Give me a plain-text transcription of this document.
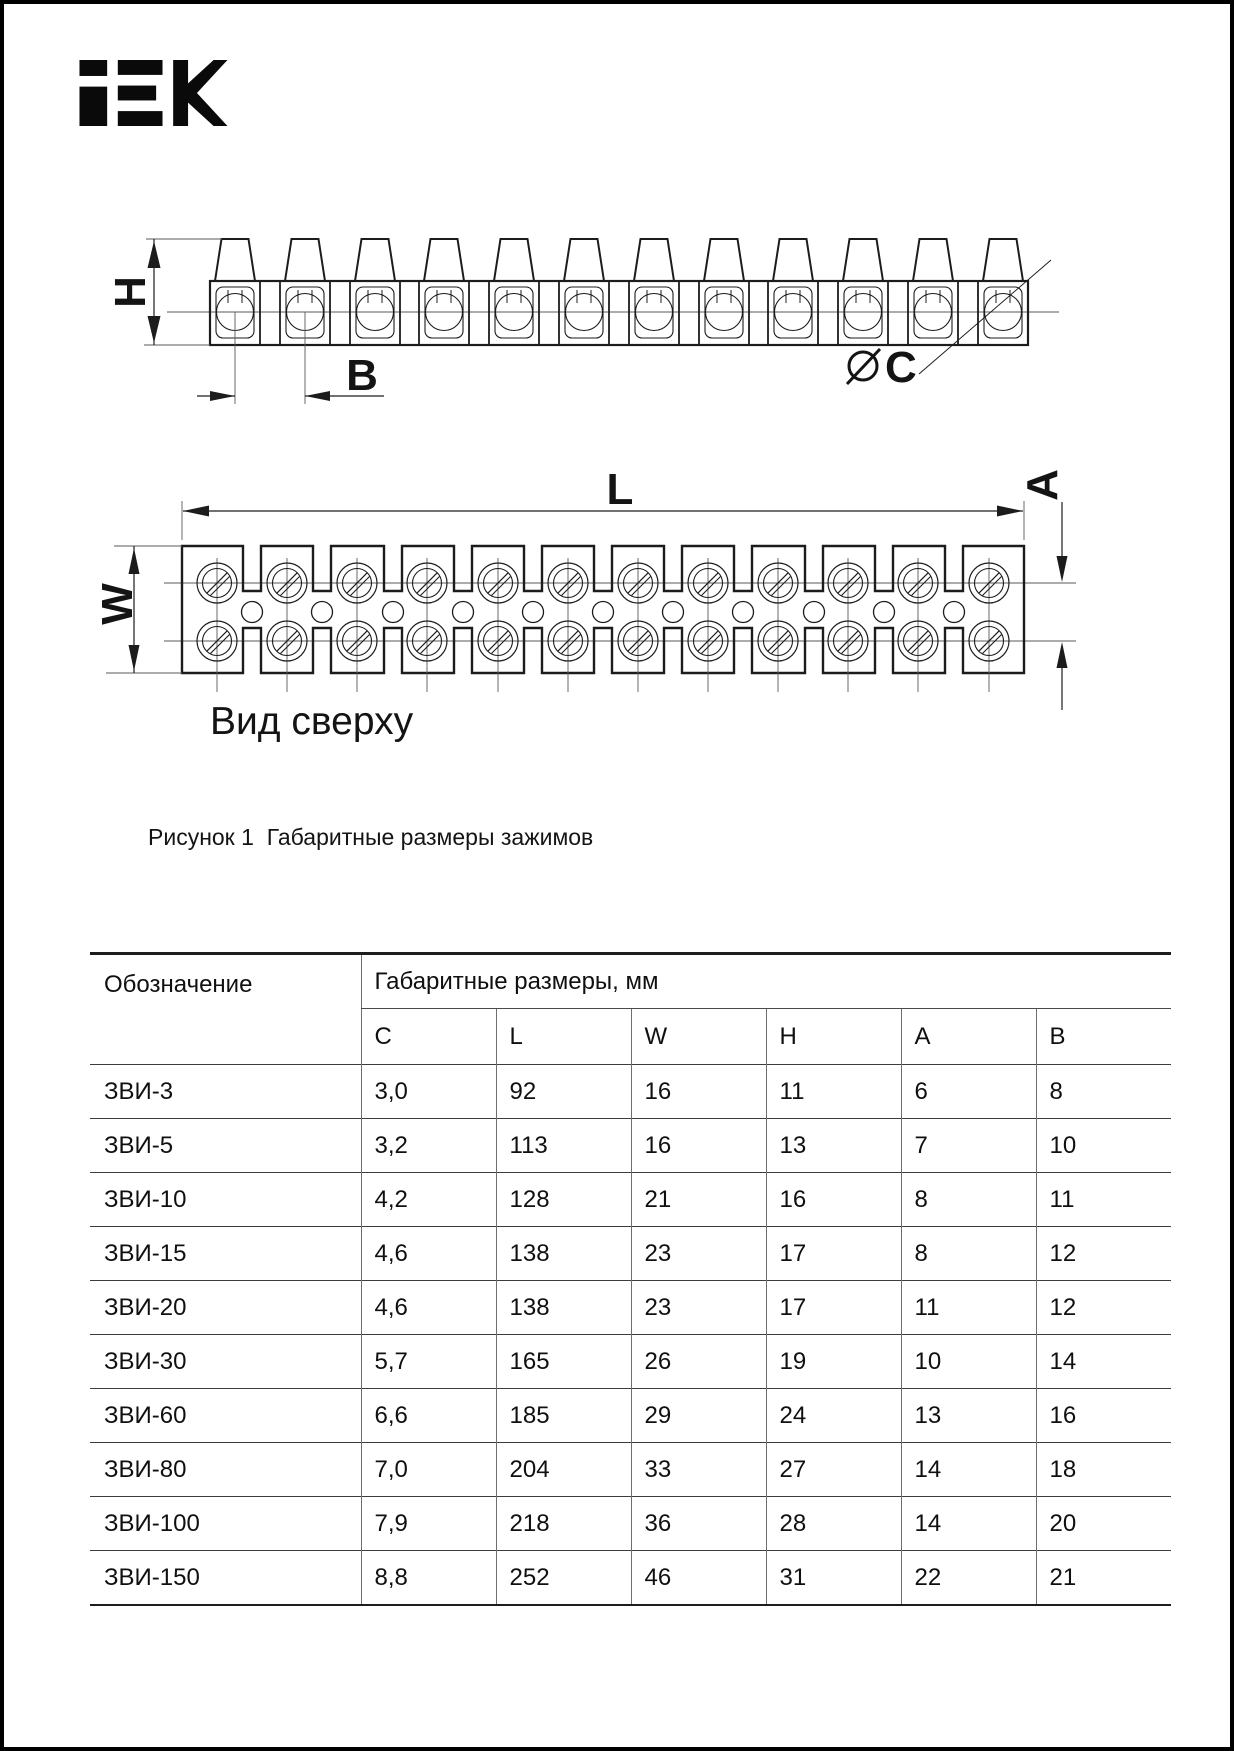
H
B	C
L	A
W
Вид сверху
Рисунок 1  Габаритные размеры зажимов
Обозначение	Габаритные размеры, мм					
	C	L	W	H	A	B
ЗВИ-3	3,0	92	16	11	6	8
ЗВИ-5	3,2	113	16	13	7	10
ЗВИ-10	4,2	128	21	16	8	11
ЗВИ-15	4,6	138	23	17	8	12
ЗВИ-20	4,6	138	23	17	11	12
ЗВИ-30	5,7	165	26	19	10	14
ЗВИ-60	6,6	185	29	24	13	16
ЗВИ-80	7,0	204	33	27	14	18
ЗВИ-100	7,9	218	36	28	14	20
ЗВИ-150	8,8	252	46	31	22	21
